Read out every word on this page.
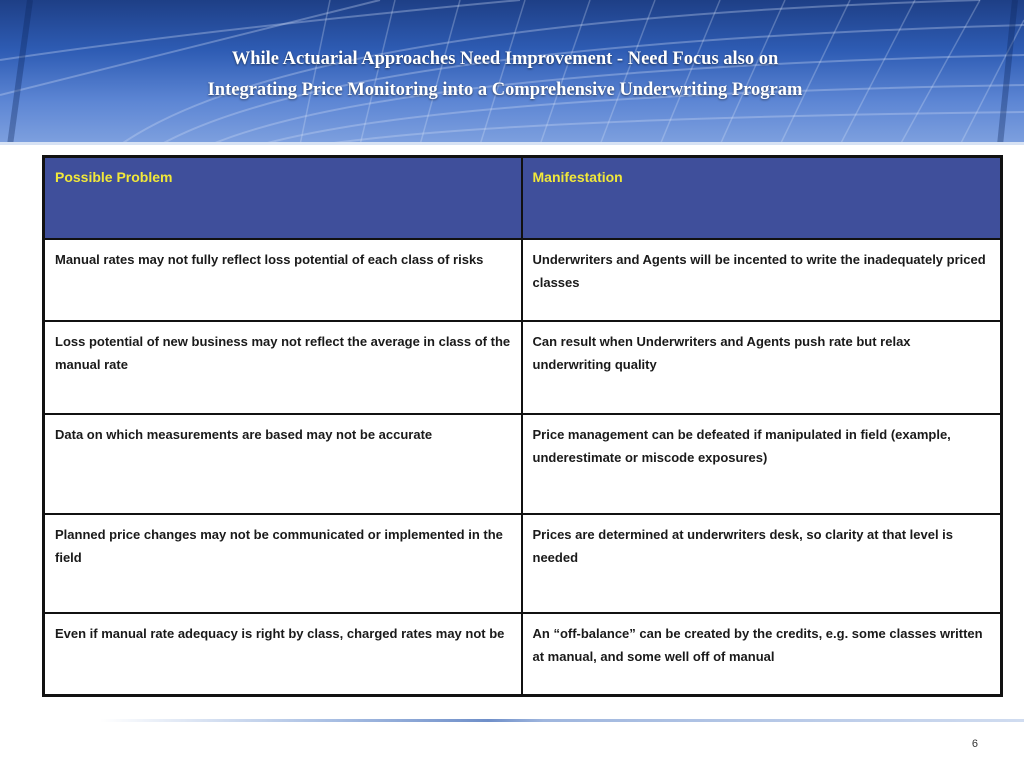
While Actuarial Approaches Need Improvement - Need Focus also on
Integrating Price Monitoring into a Comprehensive Underwriting Program
Possible Problem	Manifestation
Manual rates may not fully reflect loss potential of each class of risks	Underwriters and Agents will be incented to write the inadequately priced classes
Loss potential of new business may not reflect the average in class of the manual rate	Can result when Underwriters and Agents push rate but relax underwriting quality
Data on which measurements are based may not be accurate	Price management can be defeated if manipulated in field (example, underestimate or miscode exposures)
Planned price changes may not be communicated or implemented in the field	Prices are determined at underwriters desk, so clarity at that level is needed
Even if manual rate adequacy is right by class, charged rates may not be	An “off-balance” can be created by the credits, e.g. some classes written at manual, and some well off of manual
6
